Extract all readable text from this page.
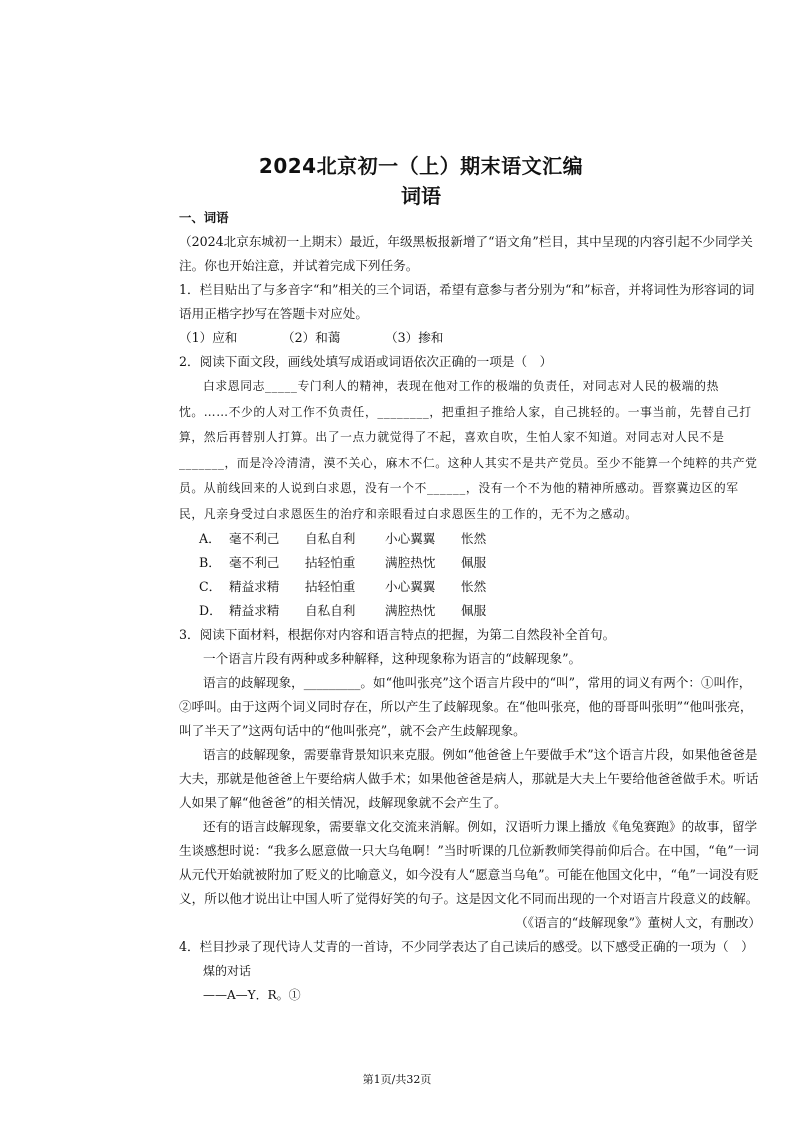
2024北京初一（上）期末语文汇编
词语

一、词语

（2024北京东城初一上期末）最近，年级黑板报新增了“语文角”栏目，其中呈现的内容引起不少同学关注。你也开始注意，并试着完成下列任务。

1．栏目贴出了与多音字“和”相关的三个词语，希望有意参与者分别为“和”标音，并将词性为形容词的词语用正楷字抄写在答题卡对应处。

（1）应和	（2）和蔼	（3）掺和

2．阅读下面文段，画线处填写成语或词语依次正确的一项是（　）

白求恩同志_____专门利人的精神，表现在他对工作的极端的负责任，对同志对人民的极端的热忱。……不少的人对工作不负责任，________，把重担子推给人家，自己挑轻的。一事当前，先替自己打算，然后再替别人打算。出了一点力就觉得了不起，喜欢自吹，生怕人家不知道。对同志对人民不是_______，而是冷冷清清，漠不关心，麻木不仁。这种人其实不是共产党员。至少不能算一个纯粹的共产党员。从前线回来的人说到白求恩，没有一个不______，没有一个不为他的精神所感动。晋察冀边区的军民，凡亲身受过白求恩医生的治疗和亲眼看过白求恩医生的工作的，无不为之感动。

A． 毫不利己	自私自利	小心翼翼	怅然
B． 毫不利己	拈轻怕重	满腔热忱	佩服
C． 精益求精	拈轻怕重	小心翼翼	怅然
D． 精益求精	自私自利	满腔热忱	佩服

3．阅读下面材料，根据你对内容和语言特点的把握，为第二自然段补全首句。

一个语言片段有两种或多种解释，这种现象称为语言的“歧解现象”。

语言的歧解现象，_________。如“他叫张亮”这个语言片段中的“叫”，常用的词义有两个：①叫作，②呼叫。由于这两个词义同时存在，所以产生了歧解现象。在“他叫张亮，他的哥哥叫张明”“他叫张亮，叫了半天了”这两句话中的“他叫张亮”，就不会产生歧解现象。

语言的歧解现象，需要靠背景知识来克服。例如“他爸爸上午要做手术”这个语言片段，如果他爸爸是大夫，那就是他爸爸上午要给病人做手术；如果他爸爸是病人，那就是大夫上午要给他爸爸做手术。听话人如果了解“他爸爸”的相关情况，歧解现象就不会产生了。

还有的语言歧解现象，需要靠文化交流来消解。例如，汉语听力课上播放《龟兔赛跑》的故事，留学生谈感想时说：“我多么愿意做一只大乌龟啊！”当时听课的几位新教师笑得前仰后合。在中国，“龟”一词从元代开始就被附加了贬义的比喻意义，如今没有人“愿意当乌龟”。可能在他国文化中，“龟”一词没有贬义，所以他才说出让中国人听了觉得好笑的句子。这是因文化不同而出现的一个对语言片段意义的歧解。

（《语言的“歧解现象”》董树人文，有删改）

4．栏目抄录了现代诗人艾青的一首诗，不少同学表达了自己读后的感受。以下感受正确的一项为（　）

煤的对话

——A—Y．R。①

第1页/共32页
